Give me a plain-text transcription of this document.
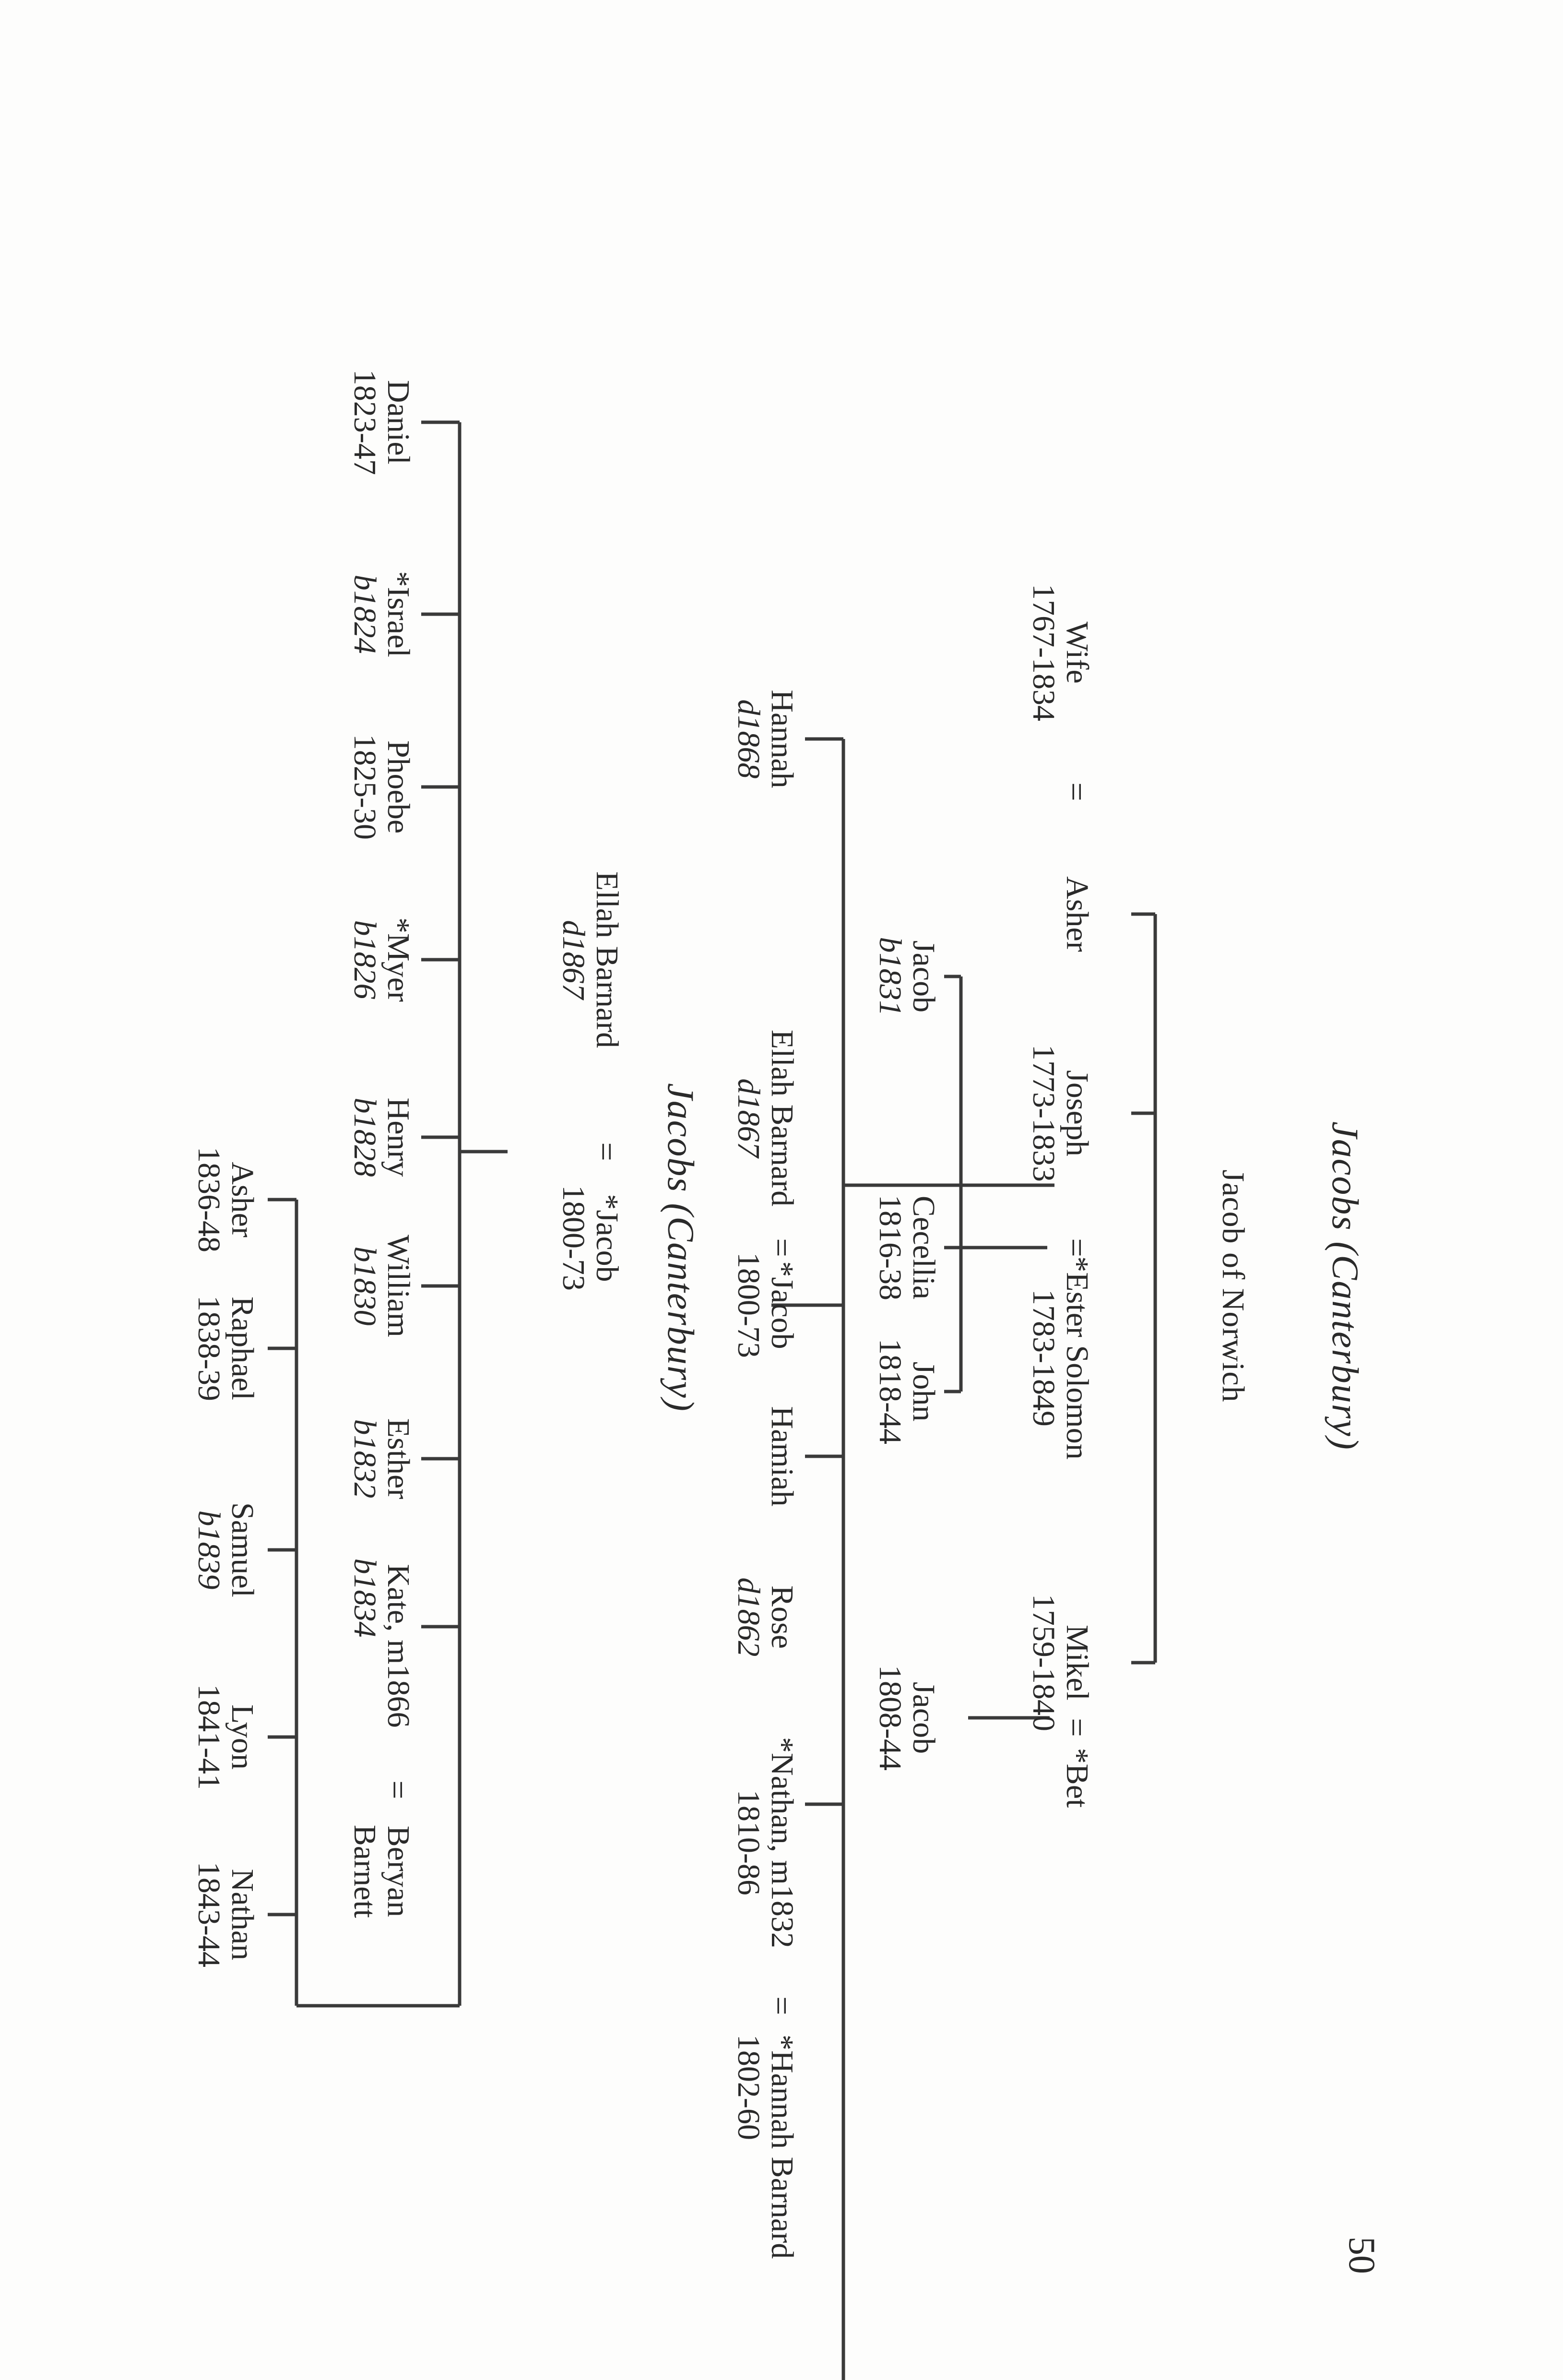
Jacobs (Canterbury)
Jacob of Norwich
Wife
1767-1834
=
Asher
Joseph
1773-1833
=
*Ester Solomon
1783-1849
Mikel
1759-1840
=
*Bet
Jacob
b1831
Cecellia
1816-38
John
1818-44
Jacob
1808-44
Hannah
d1868
Ellah Barnard
d1867
=
*Jacob
1800-73
Hamiah
Rose
d1862
*Nathan, m1832
1810-86
=
*Hannah Barnard
1802-60
Jacobs (Canterbury)
Ellah Barnard
d1867
=
*Jacob
1800-73
Daniel
1823-47
*Israel
b1824
Phoebe
1825-30
*Myer
b1826
Henry
b1828
William
b1830
Esther
b1832
Kate, m1866
b1834
=
Beryan
Barnett
Asher
1836-48
Raphael
1838-39
Samuel
b1839
Lyon
1841-41
Nathan
1843-44
50
